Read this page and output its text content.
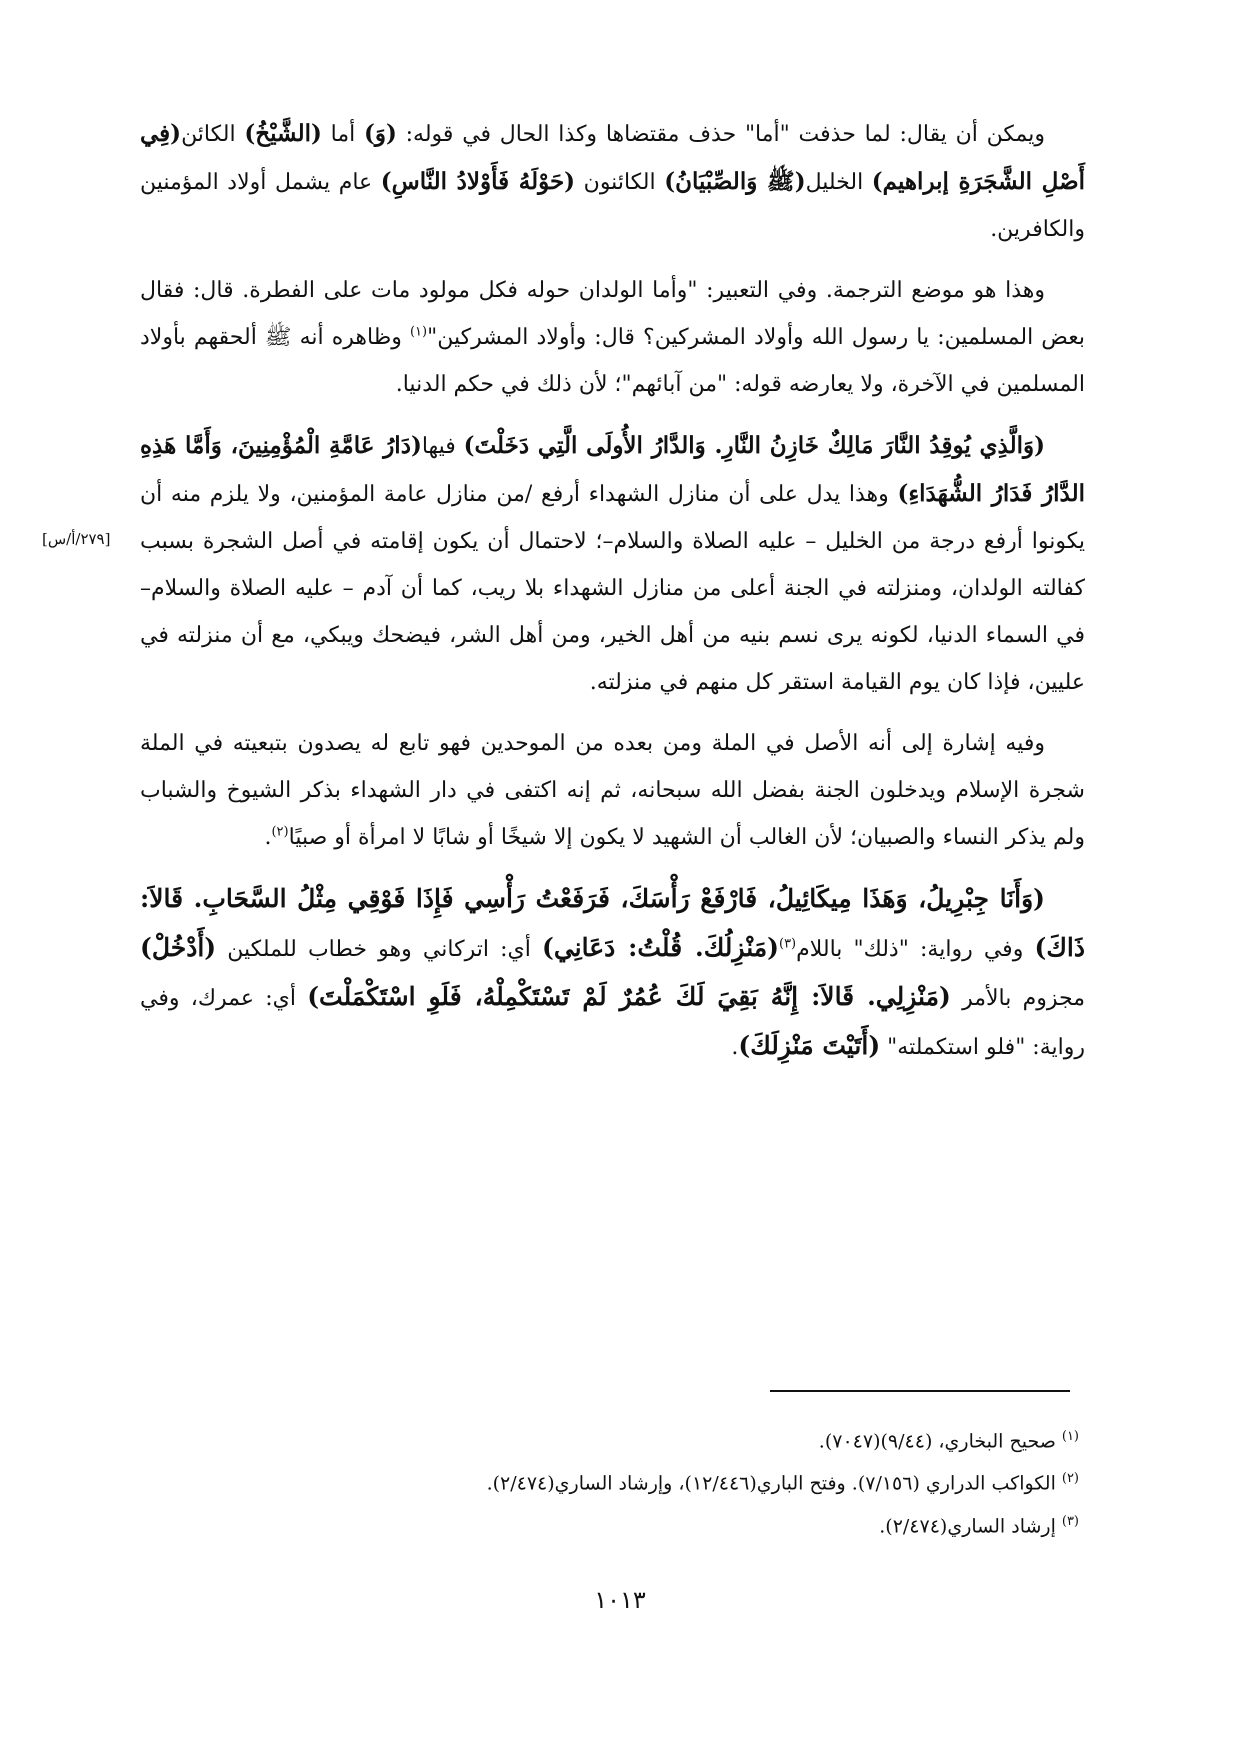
ويمكن أن يقال: لما حذفت "أما" حذف مقتضاها وكذا الحال في قوله: (وَ) أما (الشَّيْخُ) الكائن(فِي أَصْلِ الشَّجَرَةِ إبراهيم) الخليل(ﷺ وَالصِّبْيَانُ) الكائنون (حَوْلَهُ فَأَوْلادُ النَّاسِ) عام يشمل أولاد المؤمنين والكافرين.

وهذا هو موضع الترجمة. وفي التعبير: "وأما الولدان حوله فكل مولود مات على الفطرة. قال: فقال بعض المسلمين: يا رسول الله وأولاد المشركين؟ قال: وأولاد المشركين"$^{(١)}$ وظاهره أنه ﷺ ألحقهم بأولاد المسلمين في الآخرة، ولا يعارضه قوله: "من آبائهم"؛ لأن ذلك في حكم الدنيا.

(وَالَّذِي يُوقِدُ النَّارَ مَالِكٌ خَازِنُ النَّارِ. وَالدَّارُ الأُولَى الَّتِي دَخَلْتَ) فيها(دَارُ عَامَّةِ الْمُؤْمِنِينَ، وَأَمَّا هَذِهِ الدَّارُ فَدَارُ الشُّهَدَاءِ) وهذا يدل على أن منازل الشهداء أرفع /من منازل عامة المؤمنين، ولا يلزم منه أن يكونوا أرفع درجة من الخليل – عليه الصلاة والسلام–؛ لاحتمال أن يكون إقامته في أصل الشجرة بسبب كفالته الولدان، ومنزلته في الجنة أعلى من منازل الشهداء بلا ريب، كما أن آدم – عليه الصلاة والسلام– في السماء الدنيا، لكونه يرى نسم بنيه من أهل الخير، ومن أهل الشر، فيضحك ويبكي، مع أن منزلته في عليين، فإذا كان يوم القيامة استقر كل منهم في منزلته.

وفيه إشارة إلى أنه الأصل في الملة ومن بعده من الموحدين فهو تابع له يصدون بتبعيته في الملة شجرة الإسلام ويدخلون الجنة بفضل الله سبحانه، ثم إنه اكتفى في دار الشهداء بذكر الشيوخ والشباب ولم يذكر النساء والصبيان؛ لأن الغالب أن الشهيد لا يكون إلا شيخًا أو شابًا لا امرأة أو صبيًا$^{(٢)}$.

(وَأَنَا جِبْرِيلُ، وَهَذَا مِيكَائِيلُ، فَارْفَعْ رَأْسَكَ، فَرَفَعْتُ رَأْسِي فَإِذَا فَوْقِي مِثْلُ السَّحَابِ. قَالاَ: ذَاكَ) وفي رواية: "ذلك" باللام$^{(٣)}$(مَنْزِلُكَ. قُلْتُ: دَعَانِي) أي: اتركاني وهو خطاب للملكين (أَدْخُلْ) مجزوم بالأمر (مَنْزِلِي. قَالاَ: إِنَّهُ بَقِيَ لَكَ عُمُرٌ لَمْ تَسْتَكْمِلْهُ، فَلَوِ اسْتَكْمَلْتَ) أي: عمرك، وفي رواية: "فلو استكملته" (أَتَيْتَ مَنْزِلَكَ).

[٢٧٩/أ/س]
$^{(١)}$صحيح البخاري، (٩/٤٤)(٧٠٤٧).
$^{(٢)}$الكواكب الدراري (٧/١٥٦). وفتح الباري(١٢/٤٤٦)، وإرشاد الساري(٢/٤٧٤).
$^{(٣)}$إرشاد الساري(٢/٤٧٤).
١٠١٣
